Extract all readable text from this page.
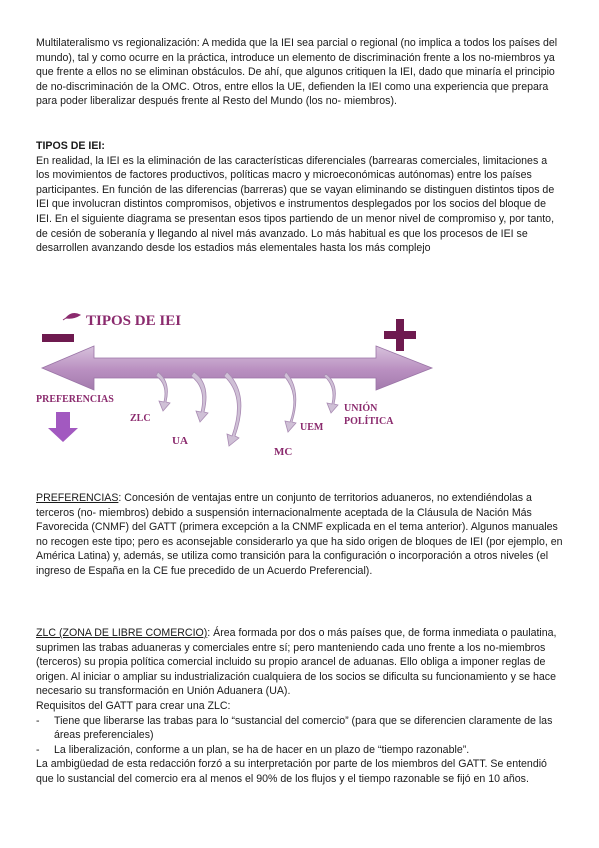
Multilateralismo vs regionalización: A medida que la IEI sea parcial o regional (no implica a todos los países del mundo), tal y como ocurre en la práctica, introduce un elemento de discriminación frente a los no-miembros ya que frente a ellos no se eliminan obstáculos. De ahí, que algunos critiquen la IEI, dado que minaría el principio de no-discriminación de la OMC. Otros, entre ellos la UE, defienden la IEI como una experiencia que prepara para poder liberalizar después frente al Resto del Mundo (los no- miembros).

TIPOS DE IEI:
En realidad, la IEI es la eliminación de las características diferenciales (barrearas comerciales, limitaciones a los movimientos de factores productivos, políticas macro y microeconómicas autónomas) entre los países participantes. En función de las diferencias (barreras) que se vayan eliminando se distinguen distintos tipos de IEI que involucran distintos compromisos, objetivos e instrumentos desplegados por los socios del bloque de IEI. En el siguiente diagrama se presentan esos tipos partiendo de un menor nivel de compromiso y, por tanto, de cesión de soberanía y llegando al nivel más avanzado. Lo más habitual es que los procesos de IEI se desarrollen avanzando desde los estadios más elementales hasta los más complejo
TIPOS DE IEI
PREFERENCIAS
ZLC
UA
MC
UEM
UNIÓN
POLÍTICA

PREFERENCIAS: Concesión de ventajas entre un conjunto de territorios aduaneros, no extendiéndolas a terceros (no- miembros) debido a suspensión internacionalmente aceptada de la Cláusula de Nación Más Favorecida (CNMF) del GATT (primera excepción a la CNMF explicada en el tema anterior). Algunos manuales no recogen este tipo; pero es aconsejable considerarlo ya que ha sido origen de bloques de IEI (por ejemplo, en América Latina) y, además, se utiliza como transición para la configuración o incorporación a otros niveles (el ingreso de España en la CE fue precedido de un Acuerdo Preferencial).

ZLC (ZONA DE LIBRE COMERCIO): Área formada por dos o más países que, de forma inmediata o paulatina, suprimen las trabas aduaneras y comerciales entre sí; pero manteniendo cada uno frente a los no-miembros (terceros) su propia política comercial incluido su propio arancel de aduanas. Ello obliga a imponer reglas de origen. Al iniciar o ampliar su industrialización cualquiera de los socios se dificulta su funcionamiento y se hace necesario su transformación en Unión Aduanera (UA).
Requisitos del GATT para crear una ZLC:
- Tiene que liberarse las trabas para lo “sustancial del comercio” (para que se diferencien claramente de las áreas preferenciales)
- La liberalización, conforme a un plan, se ha de hacer en un plazo de “tiempo razonable”.
La ambigüedad de esta redacción forzó a su interpretación por parte de los miembros del GATT. Se entendió que lo sustancial del comercio era al menos el 90% de los flujos y el tiempo razonable se fijó en 10 años.
